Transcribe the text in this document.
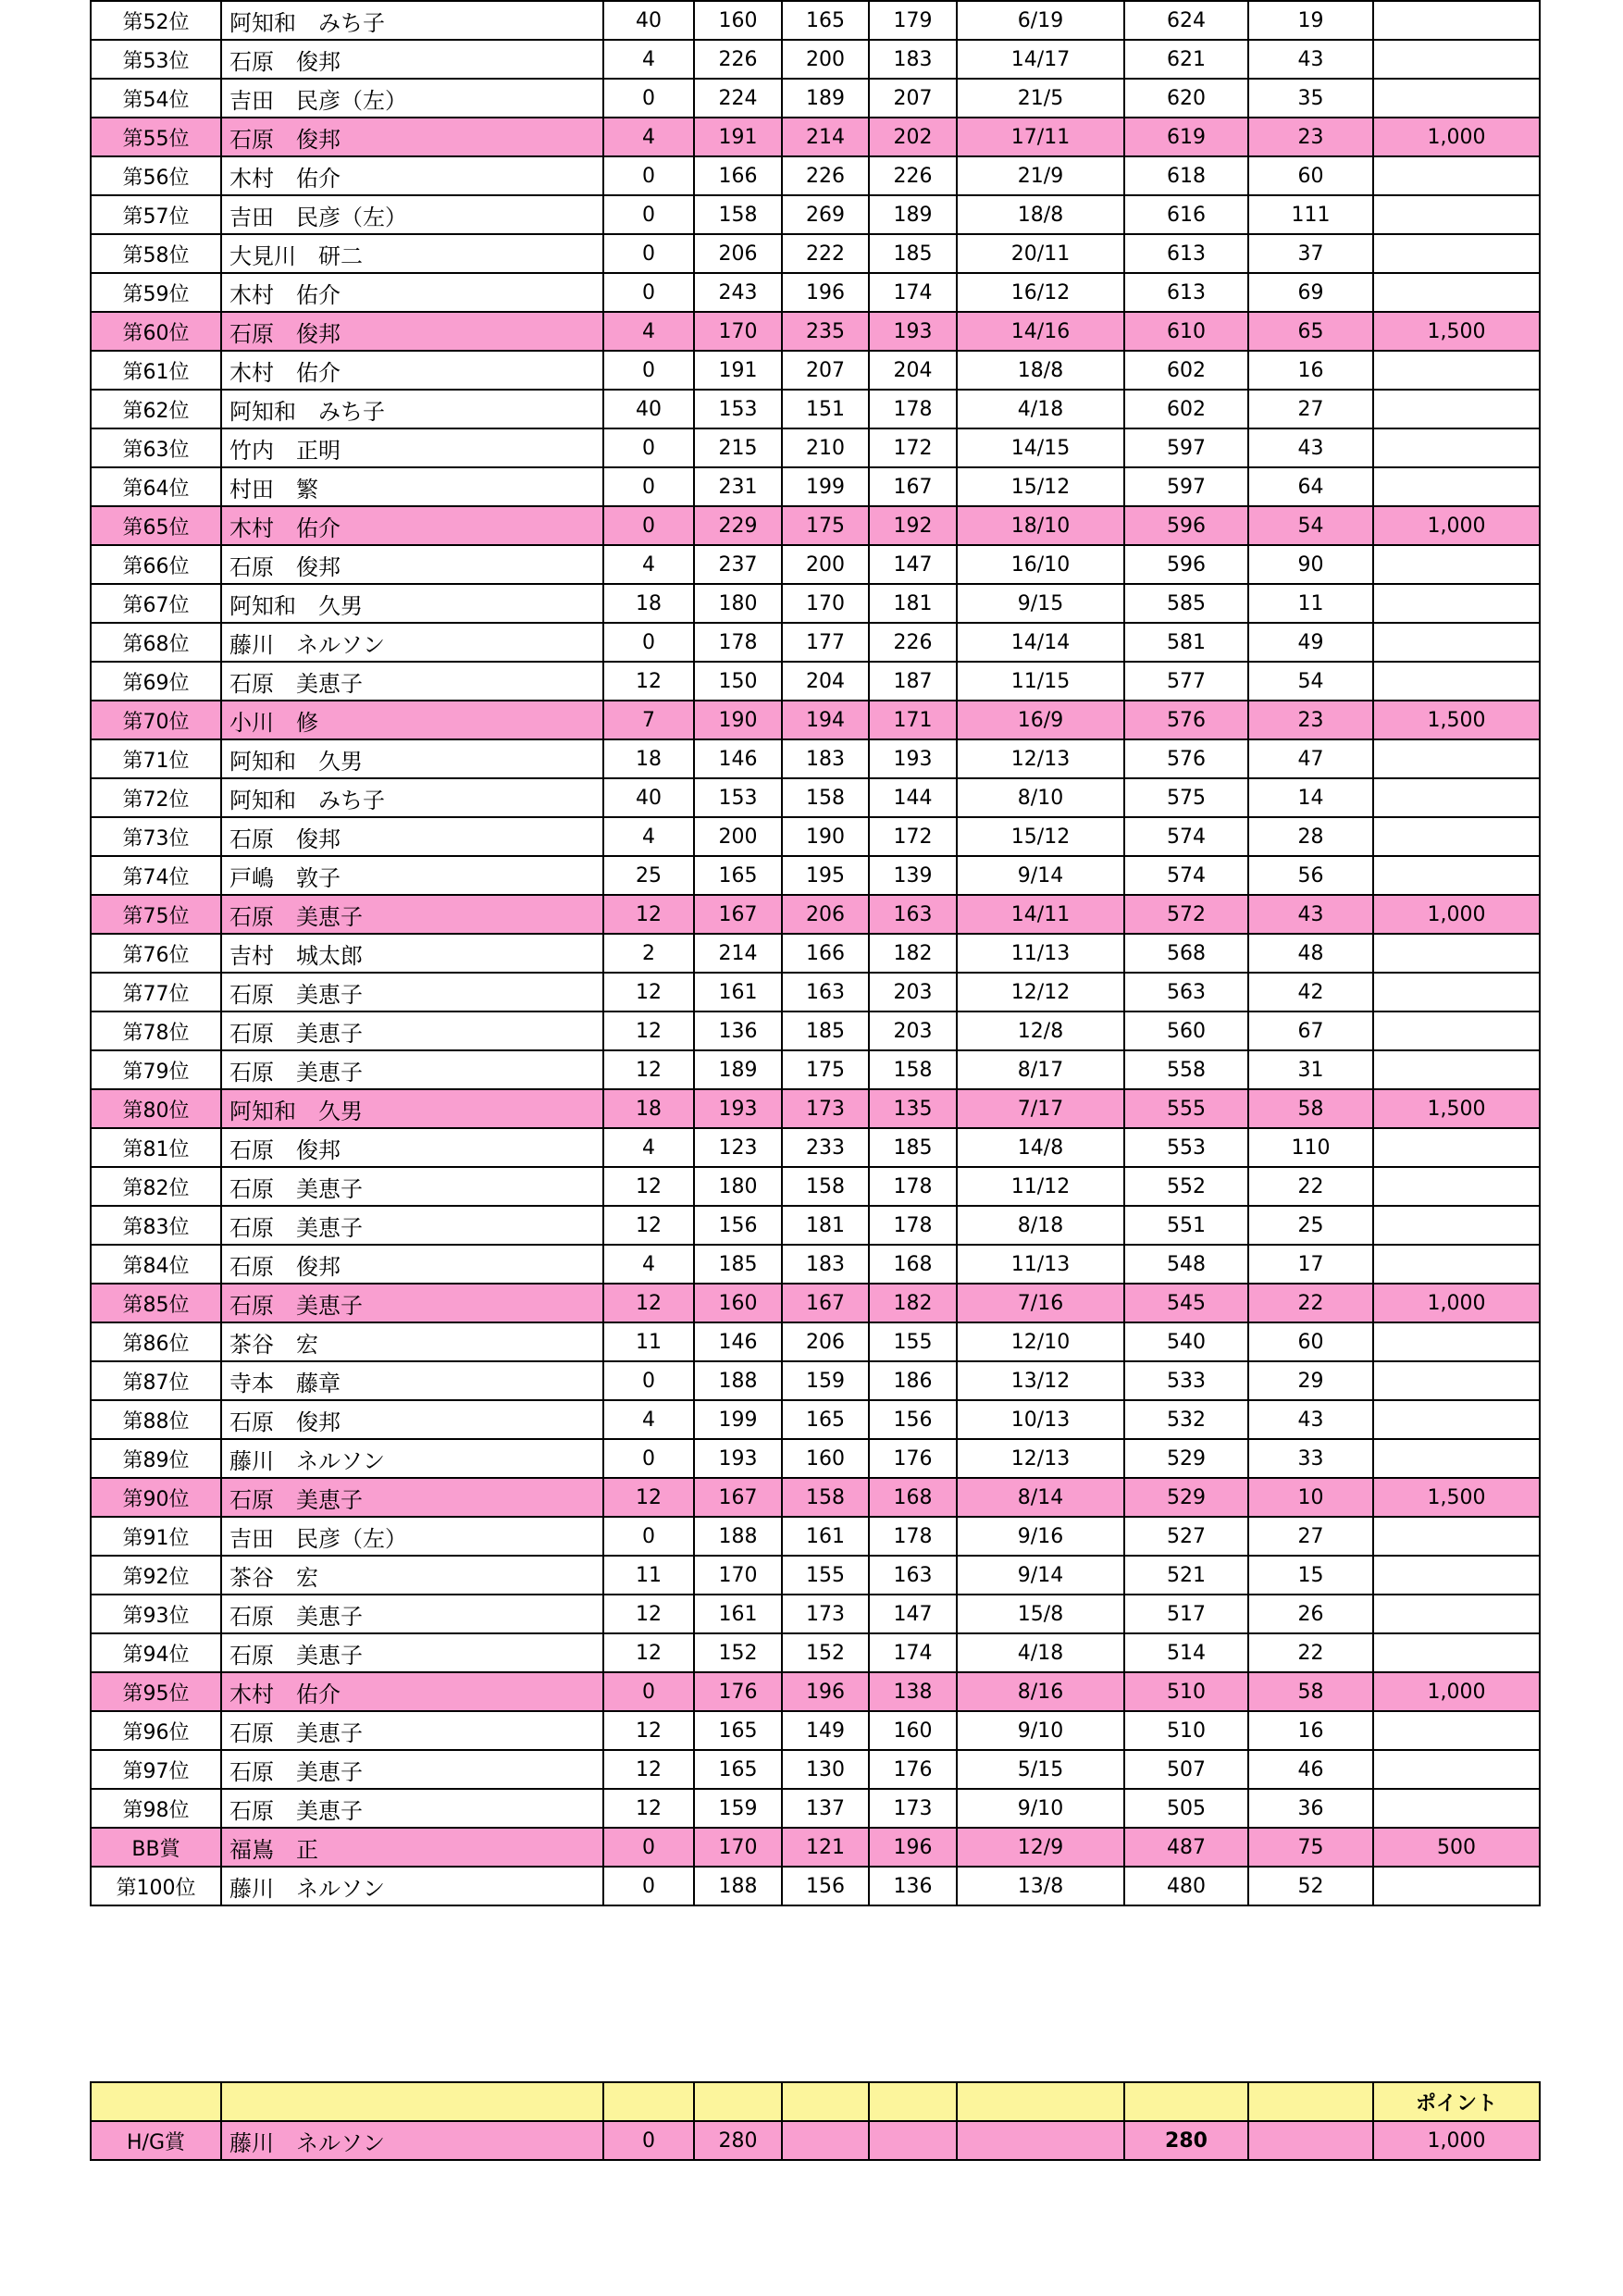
第52位	阿知和　みち子	40	160	165	179	6/19	624	19	
第53位	石原　俊邦	4	226	200	183	14/17	621	43	
第54位	吉田　民彦（左）	0	224	189	207	21/5	620	35	
第55位	石原　俊邦	4	191	214	202	17/11	619	23	1,000
第56位	木村　佑介	0	166	226	226	21/9	618	60	
第57位	吉田　民彦（左）	0	158	269	189	18/8	616	111	
第58位	大見川　研二	0	206	222	185	20/11	613	37	
第59位	木村　佑介	0	243	196	174	16/12	613	69	
第60位	石原　俊邦	4	170	235	193	14/16	610	65	1,500
第61位	木村　佑介	0	191	207	204	18/8	602	16	
第62位	阿知和　みち子	40	153	151	178	4/18	602	27	
第63位	竹内　正明	0	215	210	172	14/15	597	43	
第64位	村田　繁	0	231	199	167	15/12	597	64	
第65位	木村　佑介	0	229	175	192	18/10	596	54	1,000
第66位	石原　俊邦	4	237	200	147	16/10	596	90	
第67位	阿知和　久男	18	180	170	181	9/15	585	11	
第68位	藤川　ネルソン	0	178	177	226	14/14	581	49	
第69位	石原　美恵子	12	150	204	187	11/15	577	54	
第70位	小川　修	7	190	194	171	16/9	576	23	1,500
第71位	阿知和　久男	18	146	183	193	12/13	576	47	
第72位	阿知和　みち子	40	153	158	144	8/10	575	14	
第73位	石原　俊邦	4	200	190	172	15/12	574	28	
第74位	戸嶋　敦子	25	165	195	139	9/14	574	56	
第75位	石原　美恵子	12	167	206	163	14/11	572	43	1,000
第76位	吉村　城太郎	2	214	166	182	11/13	568	48	
第77位	石原　美恵子	12	161	163	203	12/12	563	42	
第78位	石原　美恵子	12	136	185	203	12/8	560	67	
第79位	石原　美恵子	12	189	175	158	8/17	558	31	
第80位	阿知和　久男	18	193	173	135	7/17	555	58	1,500
第81位	石原　俊邦	4	123	233	185	14/8	553	110	
第82位	石原　美恵子	12	180	158	178	11/12	552	22	
第83位	石原　美恵子	12	156	181	178	8/18	551	25	
第84位	石原　俊邦	4	185	183	168	11/13	548	17	
第85位	石原　美恵子	12	160	167	182	7/16	545	22	1,000
第86位	茶谷　宏	11	146	206	155	12/10	540	60	
第87位	寺本　藤章	0	188	159	186	13/12	533	29	
第88位	石原　俊邦	4	199	165	156	10/13	532	43	
第89位	藤川　ネルソン	0	193	160	176	12/13	529	33	
第90位	石原　美恵子	12	167	158	168	8/14	529	10	1,500
第91位	吉田　民彦（左）	0	188	161	178	9/16	527	27	
第92位	茶谷　宏	11	170	155	163	9/14	521	15	
第93位	石原　美恵子	12	161	173	147	15/8	517	26	
第94位	石原　美恵子	12	152	152	174	4/18	514	22	
第95位	木村　佑介	0	176	196	138	8/16	510	58	1,000
第96位	石原　美恵子	12	165	149	160	9/10	510	16	
第97位	石原　美恵子	12	165	130	176	5/15	507	46	
第98位	石原　美恵子	12	159	137	173	9/10	505	36	
BB賞	福嶌　正	0	170	121	196	12/9	487	75	500
第100位	藤川　ネルソン	0	188	156	136	13/8	480	52	
									ポイント
H/G賞	藤川　ネルソン	0	280				280		1,000
